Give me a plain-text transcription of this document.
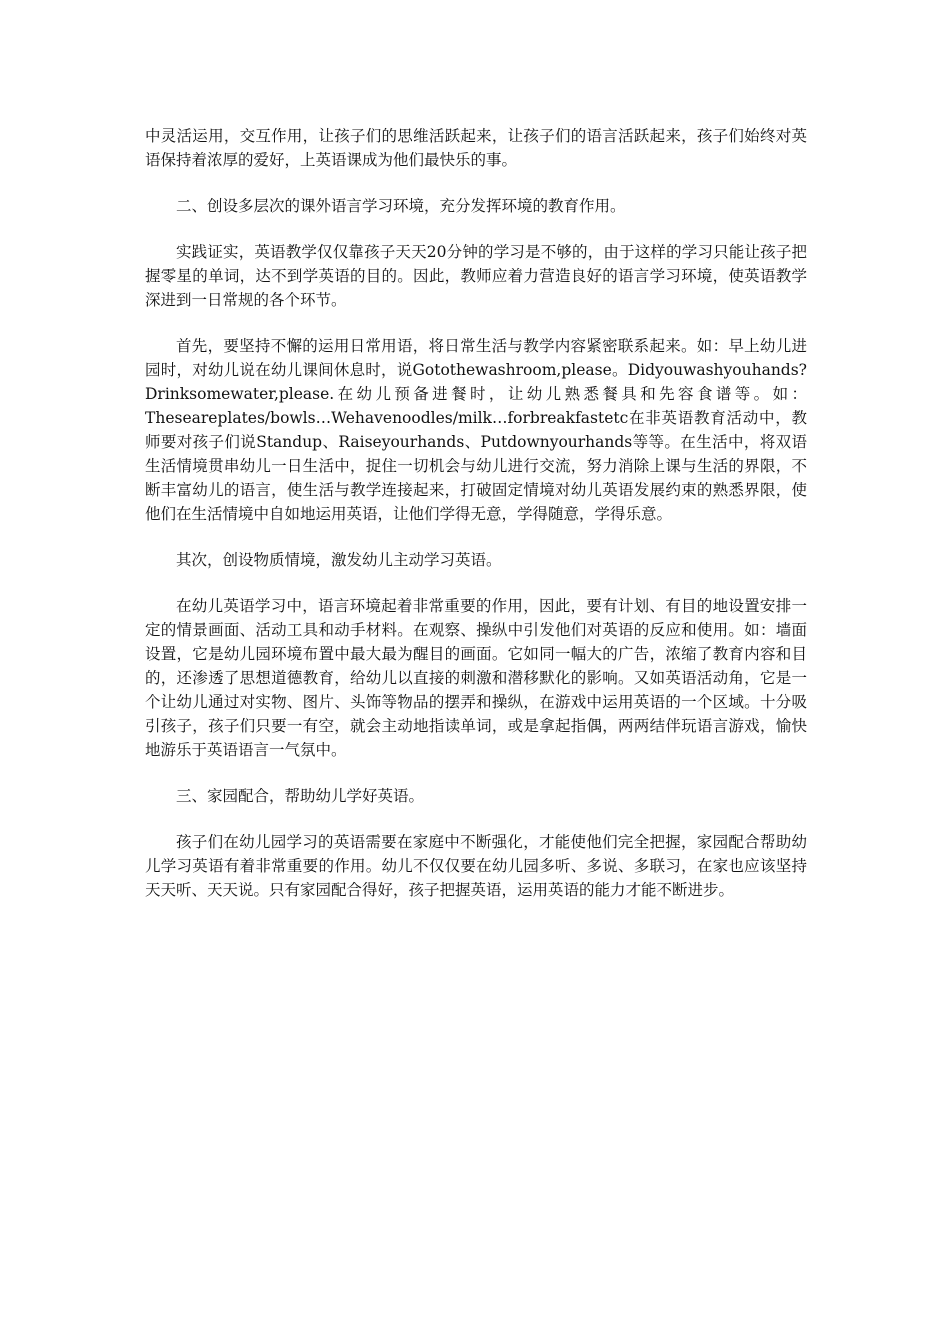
中灵活运用，交互作用，让孩子们的思维活跃起来，让孩子们的语言活跃起来，孩子们始终对英语保持着浓厚的爱好，上英语课成为他们最快乐的事。

二、创设多层次的课外语言学习环境，充分发挥环境的教育作用。

实践证实，英语教学仅仅靠孩子天天20分钟的学习是不够的，由于这样的学习只能让孩子把握零星的单词，达不到学英语的目的。因此，教师应着力营造良好的语言学习环境，使英语教学深进到一日常规的各个环节。

首先，要坚持不懈的运用日常用语，将日常生活与教学内容紧密联系起来。如：早上幼儿进园时，对幼儿说在幼儿课间休息时，说Gotothewashroom,please。Didyouwashyouhands?Drinksomewater,please.在幼儿预备进餐时，让幼儿熟悉餐具和先容食谱等。如：Theseareplates/bowls…Wehavenoodles/milk…forbreakfastetc在非英语教育活动中，教师要对孩子们说Standup、Raiseyourhands、Putdownyourhands等等。在生活中，将双语生活情境贯串幼儿一日生活中，捉住一切机会与幼儿进行交流，努力消除上课与生活的界限，不断丰富幼儿的语言，使生活与教学连接起来，打破固定情境对幼儿英语发展约束的熟悉界限，使他们在生活情境中自如地运用英语，让他们学得无意，学得随意，学得乐意。

其次，创设物质情境，激发幼儿主动学习英语。

在幼儿英语学习中，语言环境起着非常重要的作用，因此，要有计划、有目的地设置安排一定的情景画面、活动工具和动手材料。在观察、操纵中引发他们对英语的反应和使用。如：墙面设置，它是幼儿园环境布置中最大最为醒目的画面。它如同一幅大的广告，浓缩了教育内容和目的，还渗透了思想道德教育，给幼儿以直接的刺激和潜移默化的影响。又如英语活动角，它是一个让幼儿通过对实物、图片、头饰等物品的摆弄和操纵，在游戏中运用英语的一个区域。十分吸引孩子，孩子们只要一有空，就会主动地指读单词，或是拿起指偶，两两结伴玩语言游戏，愉快地游乐于英语语言一气氛中。

三、家园配合，帮助幼儿学好英语。

孩子们在幼儿园学习的英语需要在家庭中不断强化，才能使他们完全把握，家园配合帮助幼儿学习英语有着非常重要的作用。幼儿不仅仅要在幼儿园多听、多说、多联习，在家也应该坚持天天听、天天说。只有家园配合得好，孩子把握英语，运用英语的能力才能不断进步。
